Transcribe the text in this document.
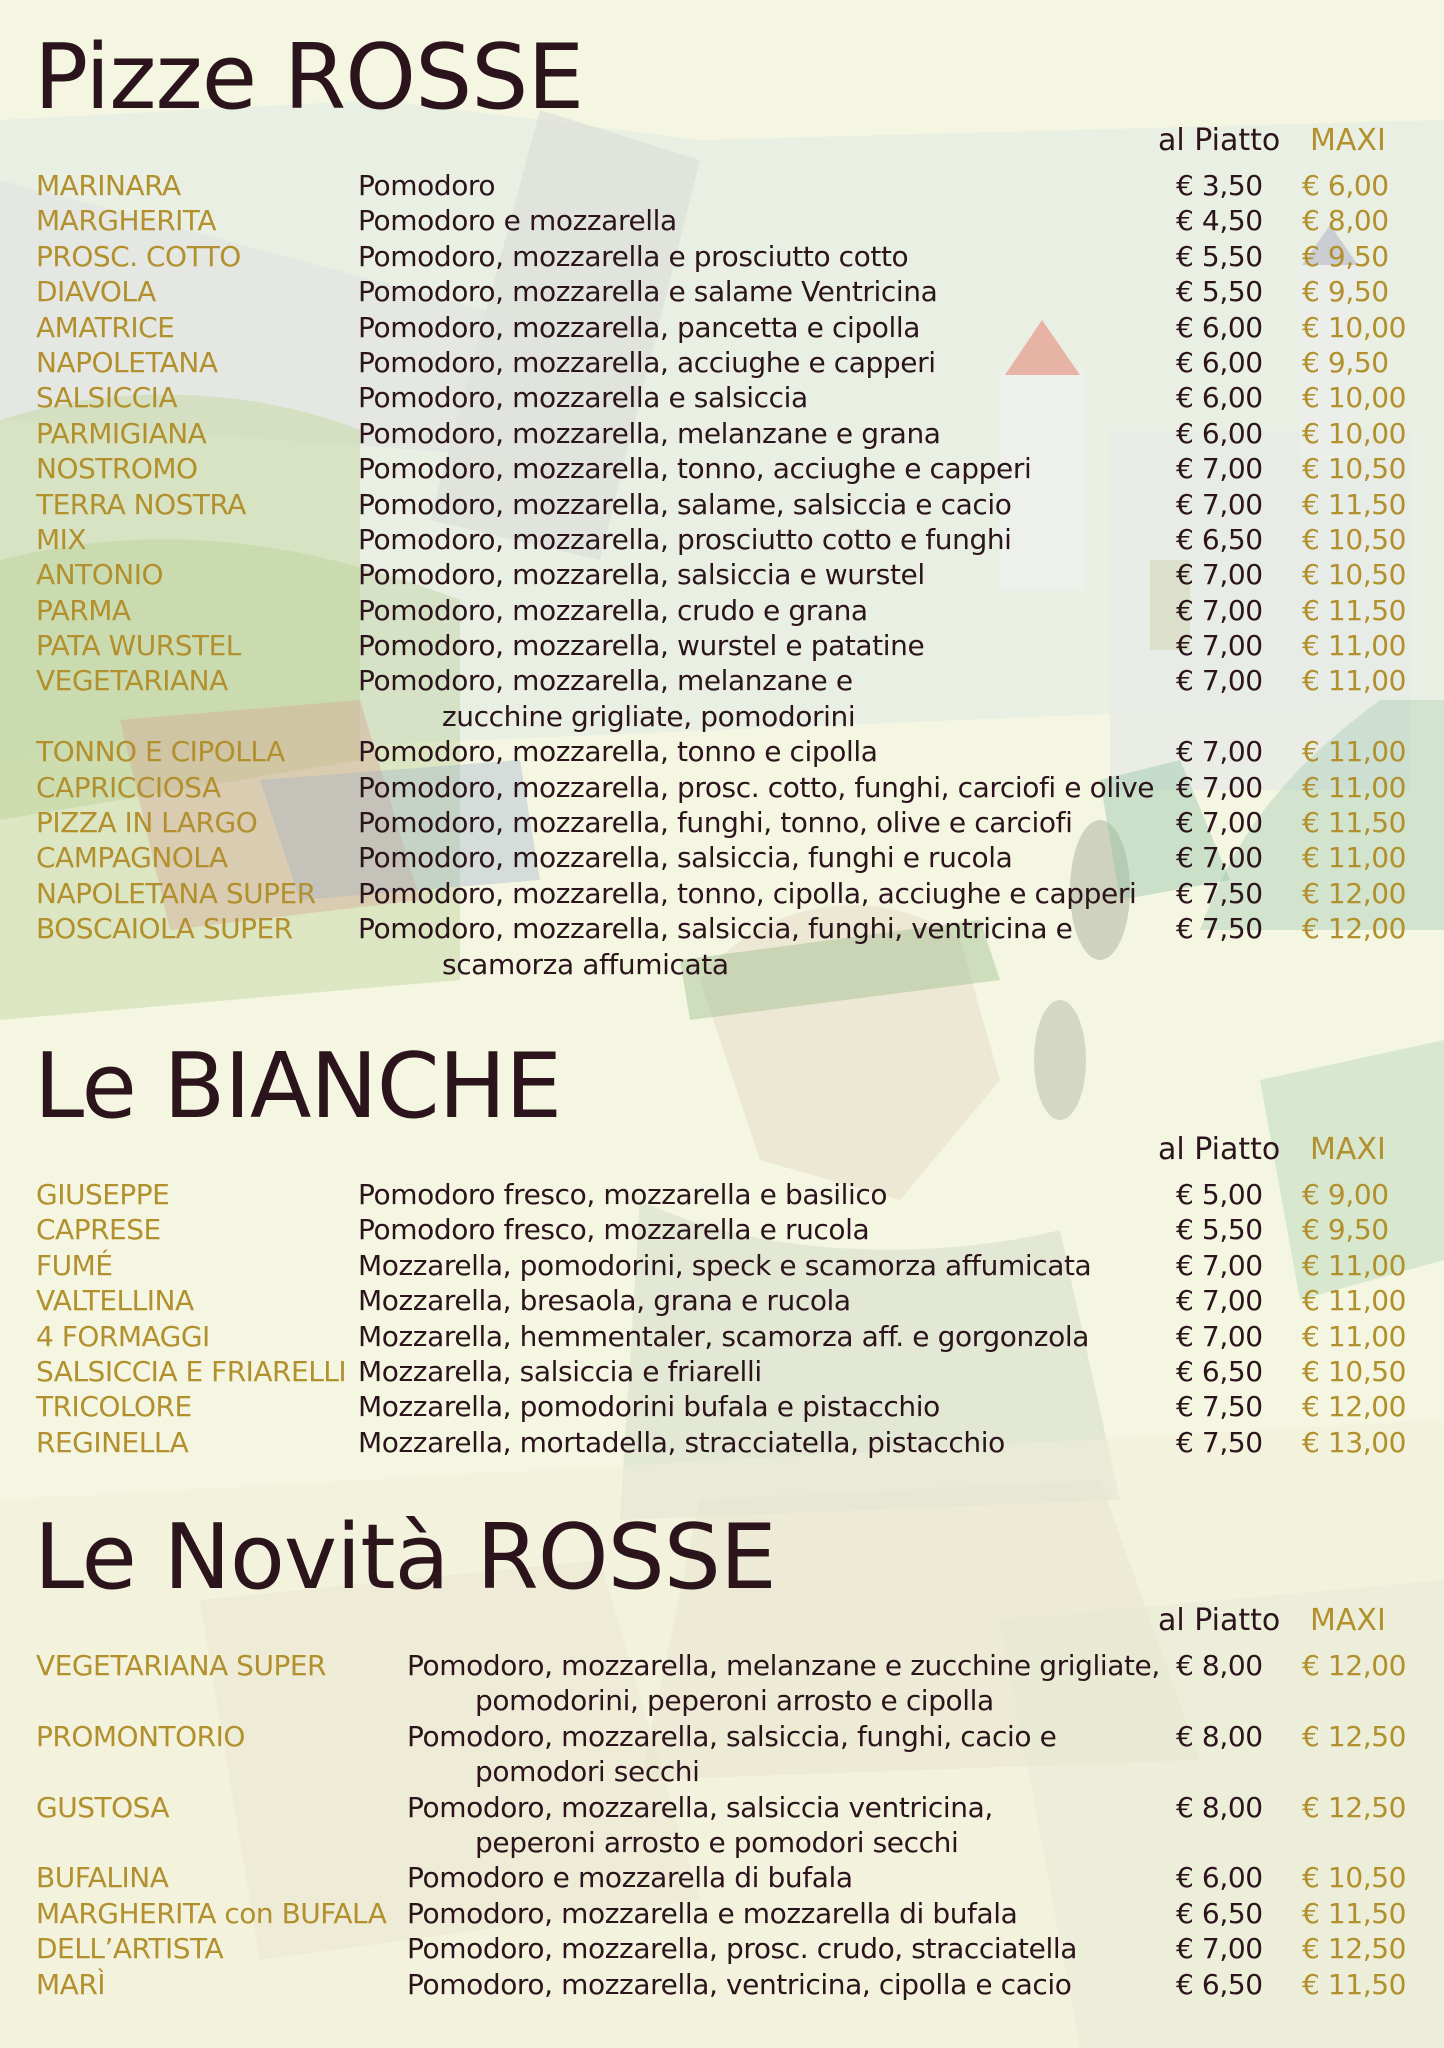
Pizze ROSSE
al Piatto MAXI
MARINARA	Pomodoro	€ 3,50 € 6,00
MARGHERITA	Pomodoro e mozzarella	€ 4,50 € 8,00
PROSC. COTTO	Pomodoro, mozzarella e prosciutto cotto	€ 5,50 € 9,50
DIAVOLA	Pomodoro, mozzarella e salame Ventricina	€ 5,50 € 9,50
AMATRICE	Pomodoro, mozzarella, pancetta e cipolla	€ 6,00 € 10,00
NAPOLETANA	Pomodoro, mozzarella, acciughe e capperi	€ 6,00 € 9,50
SALSICCIA	Pomodoro, mozzarella e salsiccia	€ 6,00 € 10,00
PARMIGIANA	Pomodoro, mozzarella, melanzane e grana	€ 6,00 € 10,00
NOSTROMO	Pomodoro, mozzarella, tonno, acciughe e capperi	€ 7,00 € 10,50
TERRA NOSTRA	Pomodoro, mozzarella, salame, salsiccia e cacio	€ 7,00 € 11,50
MIX	Pomodoro, mozzarella, prosciutto cotto e funghi	€ 6,50 € 10,50
ANTONIO	Pomodoro, mozzarella, salsiccia e wurstel	€ 7,00 € 10,50
PARMA	Pomodoro, mozzarella, crudo e grana	€ 7,00 € 11,50
PATA WURSTEL	Pomodoro, mozzarella, wurstel e patatine	€ 7,00 € 11,00
VEGETARIANA	Pomodoro, mozzarella, melanzane e
zucchine grigliate, pomodorini
€ 7,00 € 11,00
TONNO E CIPOLLA	Pomodoro, mozzarella, tonno e cipolla	€ 7,00 € 11,00
CAPRICCIOSA	Pomodoro, mozzarella, prosc. cotto, funghi, carciofi e olive € 7,00 € 11,00
PIZZA IN LARGO	Pomodoro, mozzarella, funghi, tonno, olive e carciofi	€ 7,00 € 11,50
CAMPAGNOLA	Pomodoro, mozzarella, salsiccia, funghi e rucola	€ 7,00 € 11,00
NAPOLETANA SUPER Pomodoro, mozzarella, tonno, cipolla, acciughe e capperi € 7,50 € 12,00
BOSCAIOLA SUPER Pomodoro, mozzarella, salsiccia, funghi, ventricina e
scamorza affumicata
€ 7,50 € 12,00
Le BIANCHE
al Piatto MAXI
GIUSEPPE	Pomodoro fresco, mozzarella e basilico	€ 5,00 € 9,00
CAPRESE	Pomodoro fresco, mozzarella e rucola	€ 5,50 € 9,50
FUMÉ	Mozzarella, pomodorini, speck e scamorza affumicata	€ 7,00 € 11,00
VALTELLINA	Mozzarella, bresaola, grana e rucola	€ 7,00 € 11,00
4 FORMAGGI	Mozzarella, hemmentaler, scamorza aff. e gorgonzola	€ 7,00 € 11,00
SALSICCIA E FRIARELLI Mozzarella, salsiccia e friarelli	€ 6,50 € 10,50
TRICOLORE	Mozzarella, pomodorini bufala e pistacchio	€ 7,50 € 12,00
REGINELLA	Mozzarella, mortadella, stracciatella, pistacchio	€ 7,50 € 13,00
Le Novità ROSSE
al Piatto MAXI
VEGETARIANA SUPER	Pomodoro, mozzarella, melanzane e zucchine grigliate,
pomodorini, peperoni arrosto e cipolla
€ 8,00 € 12,00
PROMONTORIO	Pomodoro, mozzarella, salsiccia, funghi, cacio e
pomodori secchi
€ 8,00 € 12,50
GUSTOSA	Pomodoro, mozzarella, salsiccia ventricina,
peperoni arrosto e pomodori secchi
€ 8,00 € 12,50
BUFALINA	Pomodoro e mozzarella di bufala	€ 6,00 € 10,50
MARGHERITA con BUFALA Pomodoro, mozzarella e mozzarella di bufala	€ 6,50 € 11,50
DELL’ARTISTA	Pomodoro, mozzarella, prosc. crudo, stracciatella	€ 7,00 € 12,50
MARÌ	Pomodoro, mozzarella, ventricina, cipolla e cacio	€ 6,50 € 11,50
